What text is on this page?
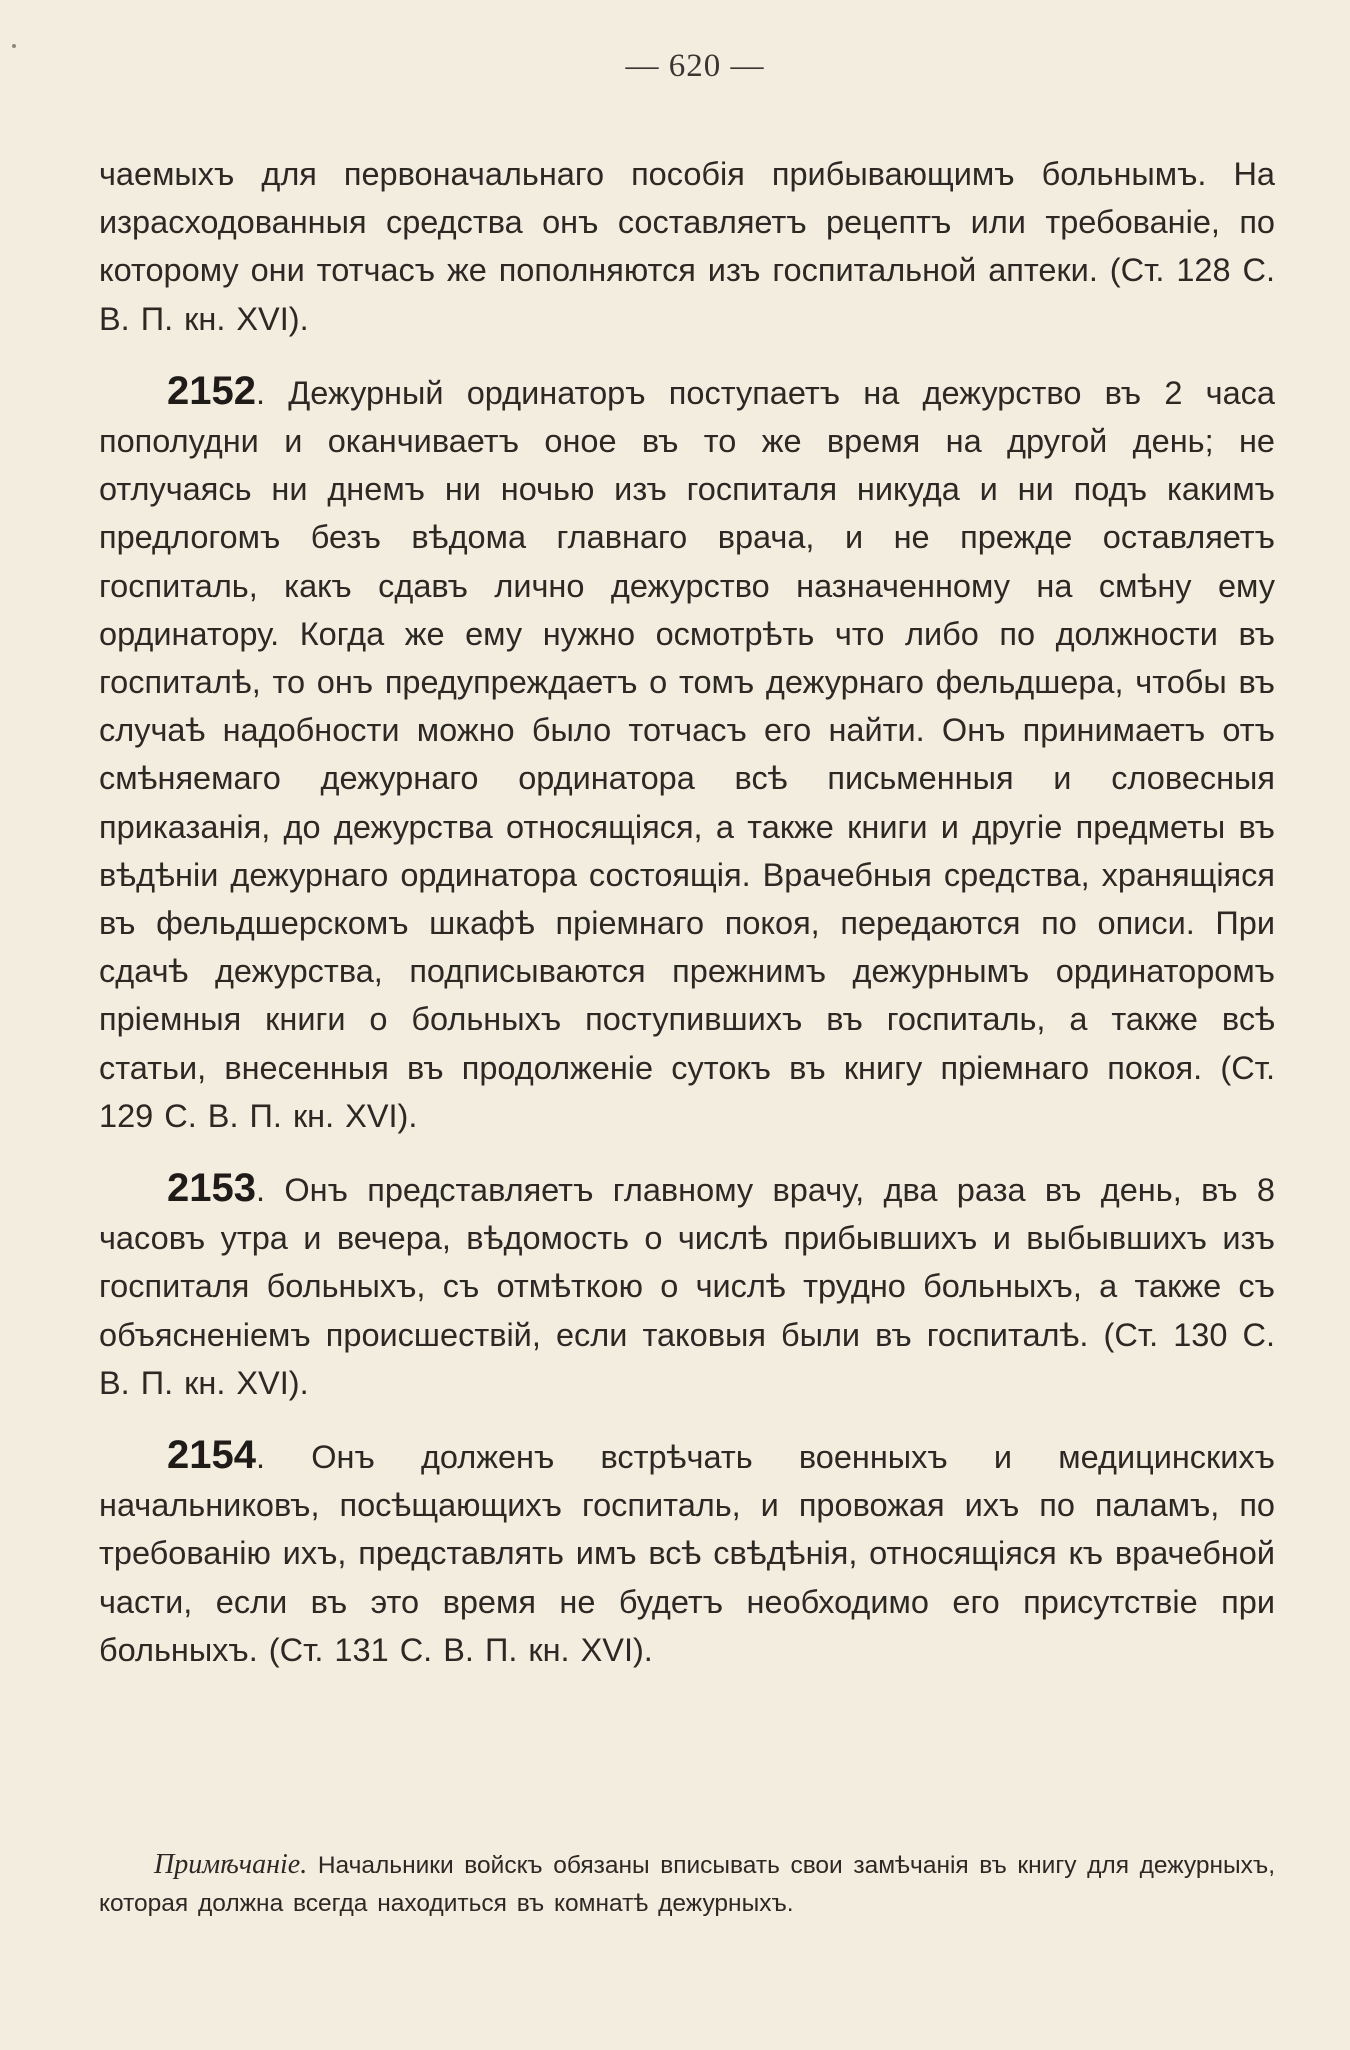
— 620 —

чаемыхъ для первоначальнаго пособія прибывающимъ больнымъ. На израсходованныя средства онъ составляетъ рецептъ или требованіе, по которому они тотчасъ же пополняются изъ госпитальной аптеки. (Ст. 128 С. В. П. кн. XVI).

2152. Дежурный ординаторъ поступаетъ на дежурство въ 2 часа пополудни и оканчиваетъ оное въ то же время на другой день; не отлучаясь ни днемъ ни ночью изъ госпиталя никуда и ни подъ какимъ предлогомъ безъ вѣдома главнаго врача, и не прежде оставляетъ госпиталь, какъ сдавъ лично дежурство назначенному на смѣну ему ординатору. Когда же ему нужно осмотрѣть что либо по должности въ госпиталѣ, то онъ предупреждаетъ о томъ дежурнаго фельдшера, чтобы въ случаѣ надобности можно было тотчасъ его найти. Онъ принимаетъ отъ смѣняемаго дежурнаго ординатора всѣ письменныя и словесныя приказанія, до дежурства относящіяся, а также книги и другіе предметы въ вѣдѣніи дежурнаго ординатора состоящія. Врачебныя средства, хранящіяся въ фельдшерскомъ шкафѣ пріемнаго покоя, передаются по описи. При сдачѣ дежурства, подписываются прежнимъ дежурнымъ ординаторомъ пріемныя книги о больныхъ поступившихъ въ госпиталь, а также всѣ статьи, внесенныя въ продолженіе сутокъ въ книгу пріемнаго покоя. (Ст. 129 С. В. П. кн. XVI).

2153. Онъ представляетъ главному врачу, два раза въ день, въ 8 часовъ утра и вечера, вѣдомость о числѣ прибывшихъ и выбывшихъ изъ госпиталя больныхъ, съ отмѣткою о числѣ трудно больныхъ, а также съ объясненіемъ происшествій, если таковыя были въ госпиталѣ. (Ст. 130 С. В. П. кн. XVI).

2154. Онъ долженъ встрѣчать военныхъ и медицинскихъ начальниковъ, посѣщающихъ госпиталь, и провожая ихъ по паламъ, по требованію ихъ, представлять имъ всѣ свѣдѣнія, относящіяся къ врачебной части, если въ это время не будетъ необходимо его присутствіе при больныхъ. (Ст. 131 С. В. П. кн. XVI).

Примѣчаніе. Начальники войскъ обязаны вписывать свои замѣчанія въ книгу для дежурныхъ, которая должна всегда находиться въ комнатѣ дежурныхъ.
